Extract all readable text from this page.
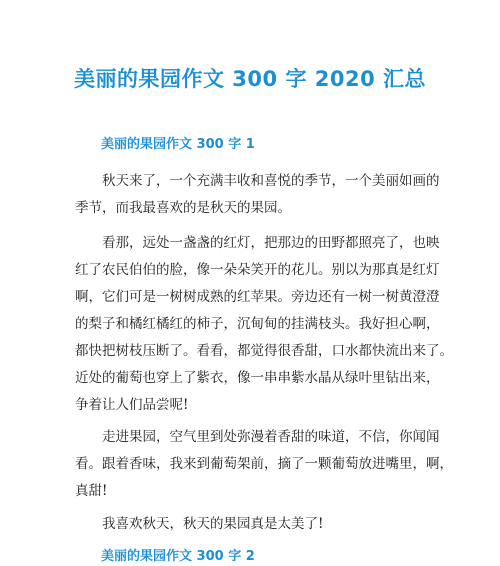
美丽的果园作文 300 字 2020 汇总
美丽的果园作文 300 字 1
秋天来了，一个充满丰收和喜悦的季节，一个美丽如画的
季节，而我最喜欢的是秋天的果园。
看那，远处一盏盏的红灯，把那边的田野都照亮了，也映
红了农民伯伯的脸，像一朵朵笑开的花儿。别以为那真是红灯
啊，它们可是一树树成熟的红苹果。旁边还有一树一树黄澄澄
的梨子和橘红橘红的柿子，沉甸甸的挂满枝头。我好担心啊，
都快把树枝压断了。看看，都觉得很香甜，口水都快流出来了。
近处的葡萄也穿上了紫衣，像一串串紫水晶从绿叶里钻出来，
争着让人们品尝呢!
走进果园，空气里到处弥漫着香甜的味道，不信，你闻闻
看。跟着香味，我来到葡萄架前，摘了一颗葡萄放进嘴里，啊，
真甜!
我喜欢秋天，秋天的果园真是太美了!
美丽的果园作文 300 字 2
